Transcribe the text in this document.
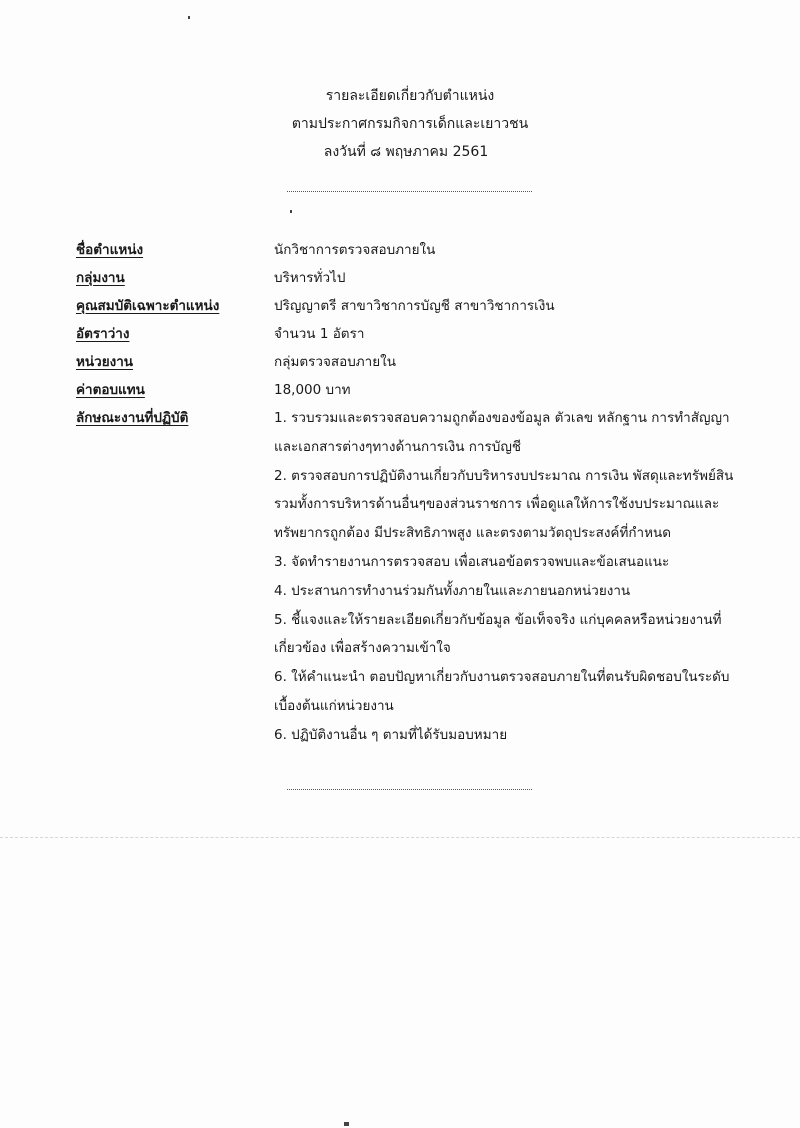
รายละเอียดเกี่ยวกับตำแหน่ง
ตามประกาศกรมกิจการเด็กและเยาวชน
ลงวันที่ ๘ พฤษภาคม 2561
ชื่อตำแหน่ง	นักวิชาการตรวจสอบภายใน
กลุ่มงาน	บริหารทั่วไป
คุณสมบัติเฉพาะตำแหน่ง	ปริญญาตรี สาขาวิชาการบัญชี สาขาวิชาการเงิน
อัตราว่าง	จำนวน 1 อัตรา
หน่วยงาน	กลุ่มตรวจสอบภายใน
ค่าตอบแทน	18,000 บาท
ลักษณะงานที่ปฏิบัติ	1. รวบรวมและตรวจสอบความถูกต้องของข้อมูล ตัวเลข หลักฐาน การทำสัญญา
และเอกสารต่างๆทางด้านการเงิน การบัญชี
2. ตรวจสอบการปฏิบัติงานเกี่ยวกับบริหารงบประมาณ การเงิน พัสดุและทรัพย์สิน
รวมทั้งการบริหารด้านอื่นๆของส่วนราชการ เพื่อดูแลให้การใช้งบประมาณและ
ทรัพยากรถูกต้อง มีประสิทธิภาพสูง และตรงตามวัตถุประสงค์ที่กำหนด
3. จัดทำรายงานการตรวจสอบ เพื่อเสนอข้อตรวจพบและข้อเสนอแนะ
4. ประสานการทำงานร่วมกันทั้งภายในและภายนอกหน่วยงาน
5. ชี้แจงและให้รายละเอียดเกี่ยวกับข้อมูล ข้อเท็จจริง แก่บุคคลหรือหน่วยงานที่
เกี่ยวข้อง เพื่อสร้างความเข้าใจ
6. ให้คำแนะนำ ตอบปัญหาเกี่ยวกับงานตรวจสอบภายในที่ตนรับผิดชอบในระดับ
เบื้องต้นแก่หน่วยงาน
6. ปฏิบัติงานอื่น ๆ ตามที่ได้รับมอบหมาย
